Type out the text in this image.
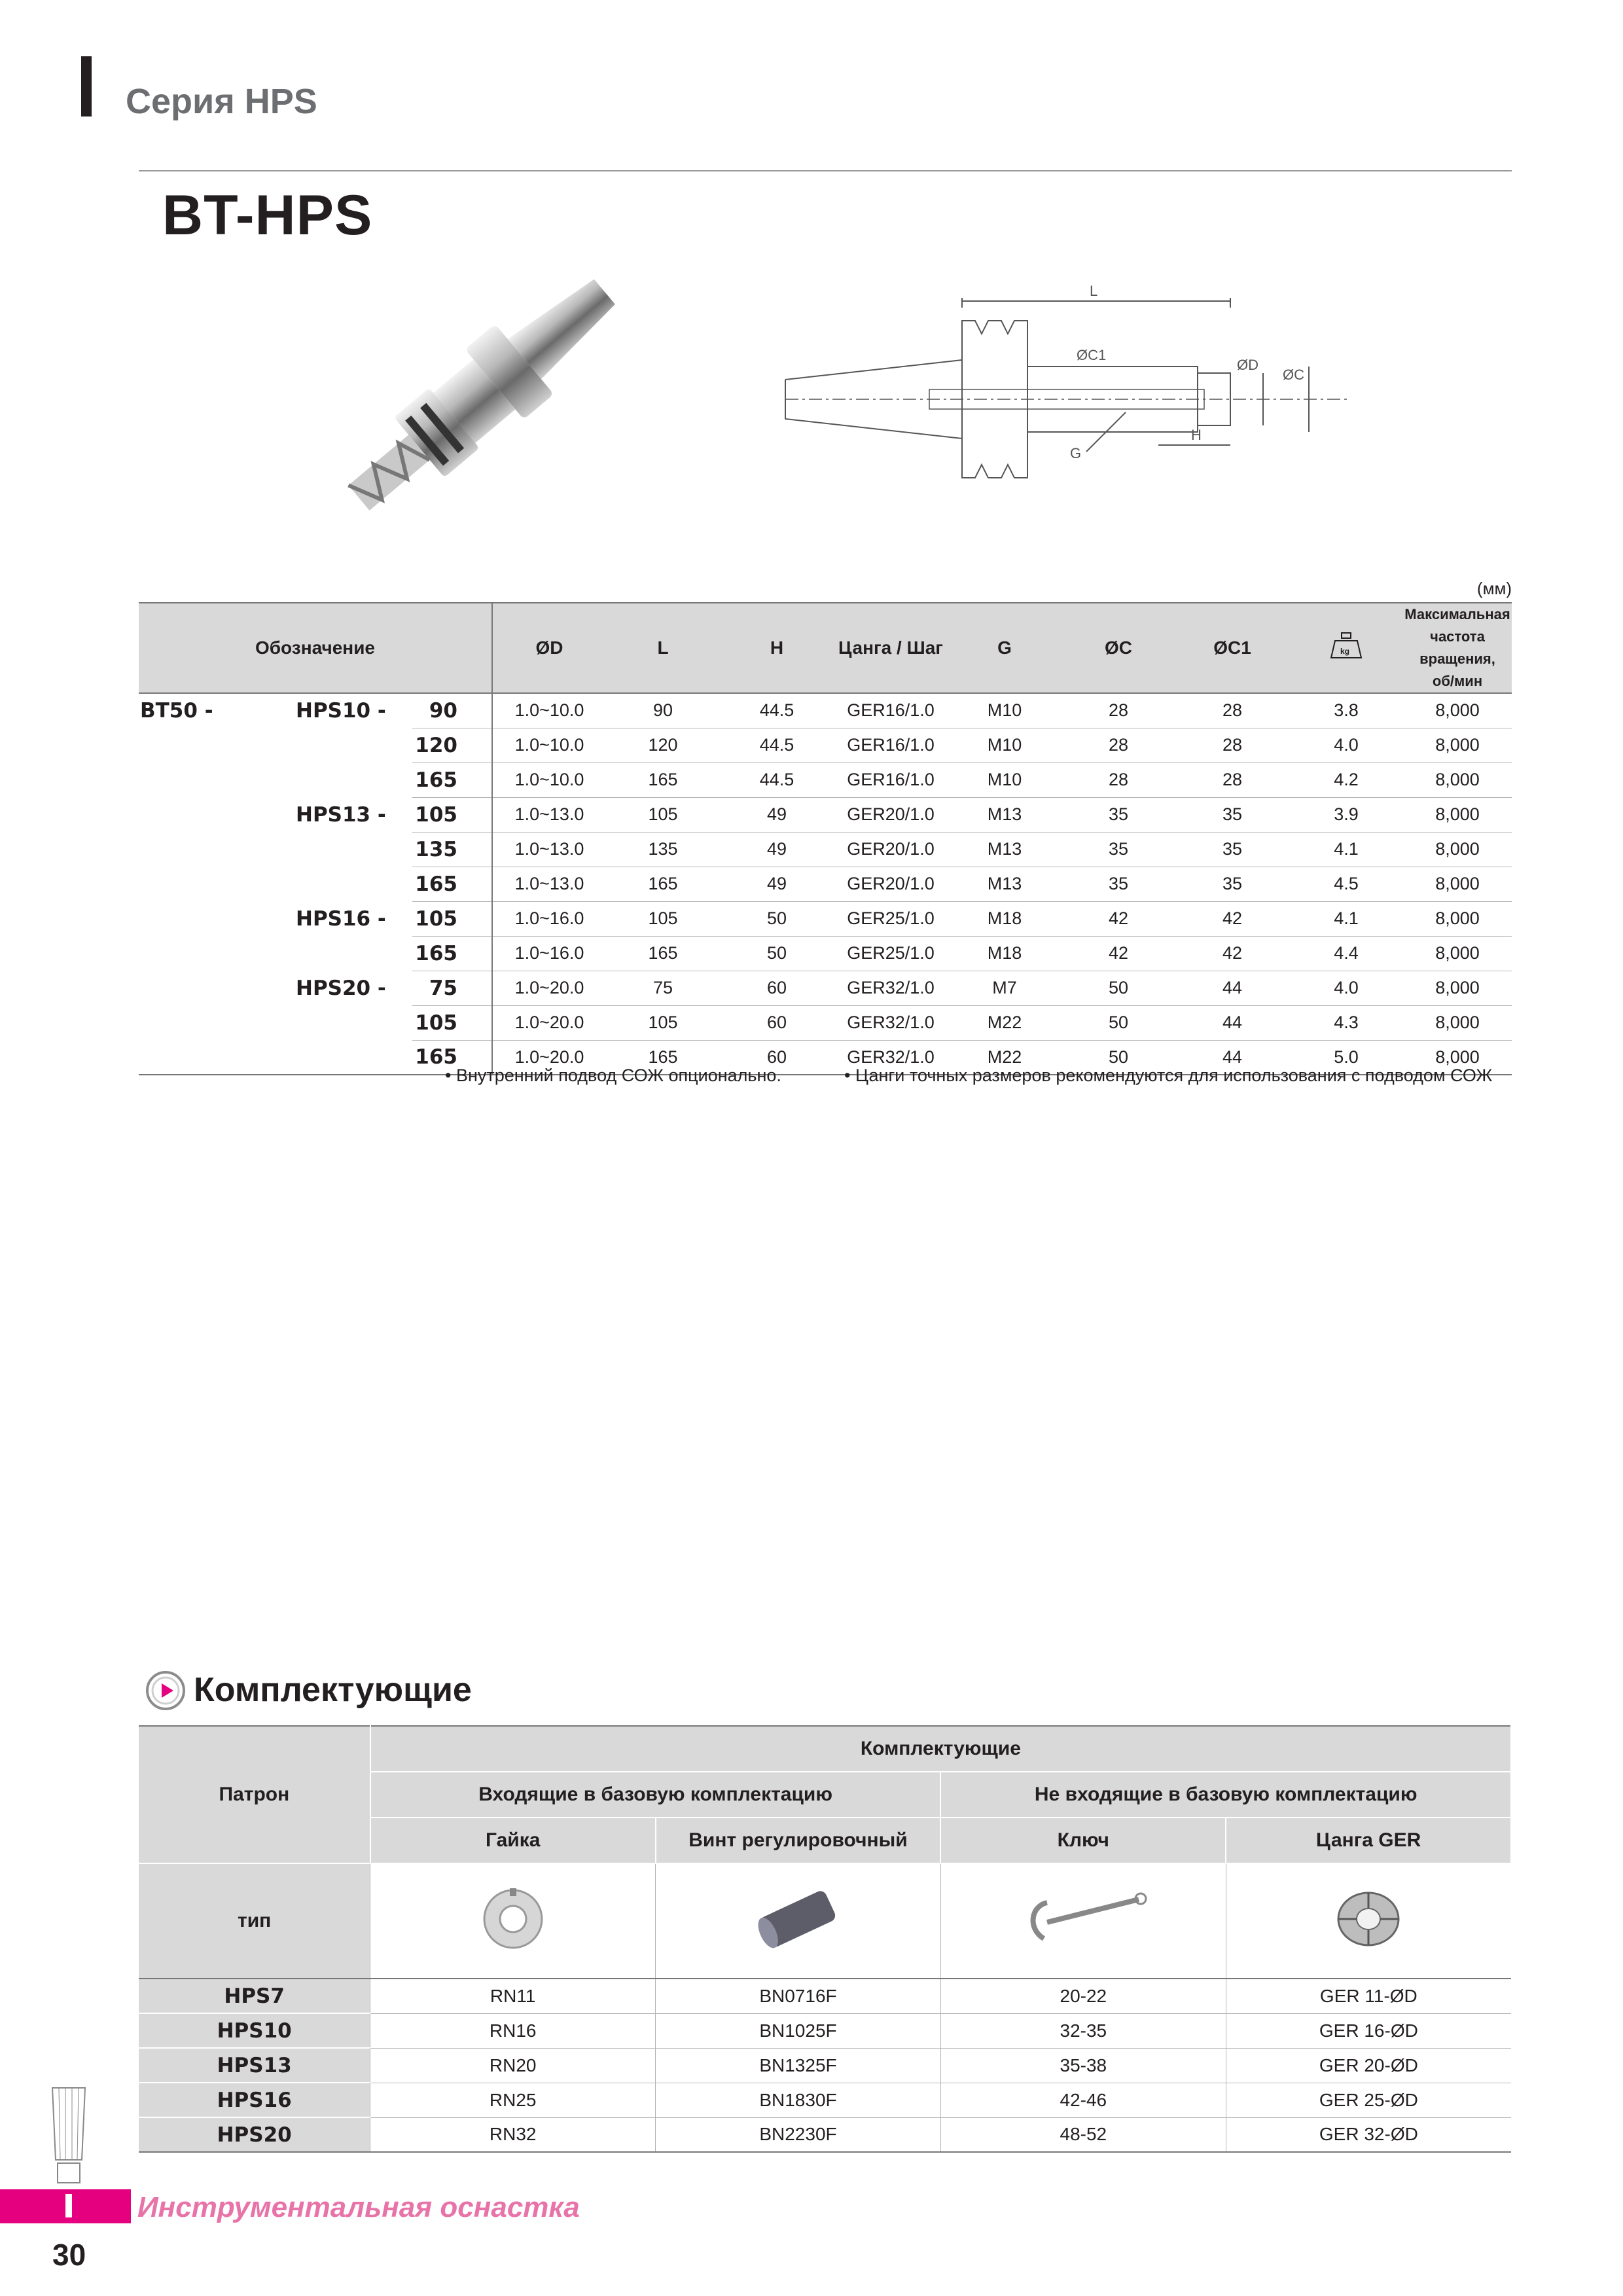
Серия HPS
BT-HPS
L
ØC1
ØD
ØC
H
G
(мм)
Обозначение			ØD	L	H	Цанга / Шаг	G	ØC	ØC1	kg	Максимальная
частота вращения,
об/мин

BT50 -	HPS10 -	90	1.0~10.0	90	44.5	GER16/1.0	M10	28	28	3.8	8,000
		120	1.0~10.0	120	44.5	GER16/1.0	M10	28	28	4.0	8,000
		165	1.0~10.0	165	44.5	GER16/1.0	M10	28	28	4.2	8,000
	HPS13 -	105	1.0~13.0	105	49	GER20/1.0	M13	35	35	3.9	8,000
		135	1.0~13.0	135	49	GER20/1.0	M13	35	35	4.1	8,000
		165	1.0~13.0	165	49	GER20/1.0	M13	35	35	4.5	8,000
	HPS16 -	105	1.0~16.0	105	50	GER25/1.0	M18	42	42	4.1	8,000
		165	1.0~16.0	165	50	GER25/1.0	M18	42	42	4.4	8,000
	HPS20 -	75	1.0~20.0	75	60	GER32/1.0	M7	50	44	4.0	8,000
		105	1.0~20.0	105	60	GER32/1.0	M22	50	44	4.3	8,000
		165	1.0~20.0	165	60	GER32/1.0	M22	50	44	5.0	8,000
• Внутренний подвод СОЖ опционально.	• Цанги точных размеров рекомендуются для использования с подводом СОЖ
Комплектующие
Патрон	Комплектующие			
	Входящие в базовую комплектацию		Не входящие в базовую комплектацию	
	Гайка	Винт регулировочный	Ключ	Цанга GER
тип				
HPS7	RN11	BN0716F	20-22	GER 11-ØD
HPS10	RN16	BN1025F	32-35	GER 16-ØD
HPS13	RN20	BN1325F	35-38	GER 20-ØD
HPS16	RN25	BN1830F	42-46	GER 25-ØD
HPS20	RN32	BN2230F	48-52	GER 32-ØD
Инструментальная оснастка
30
